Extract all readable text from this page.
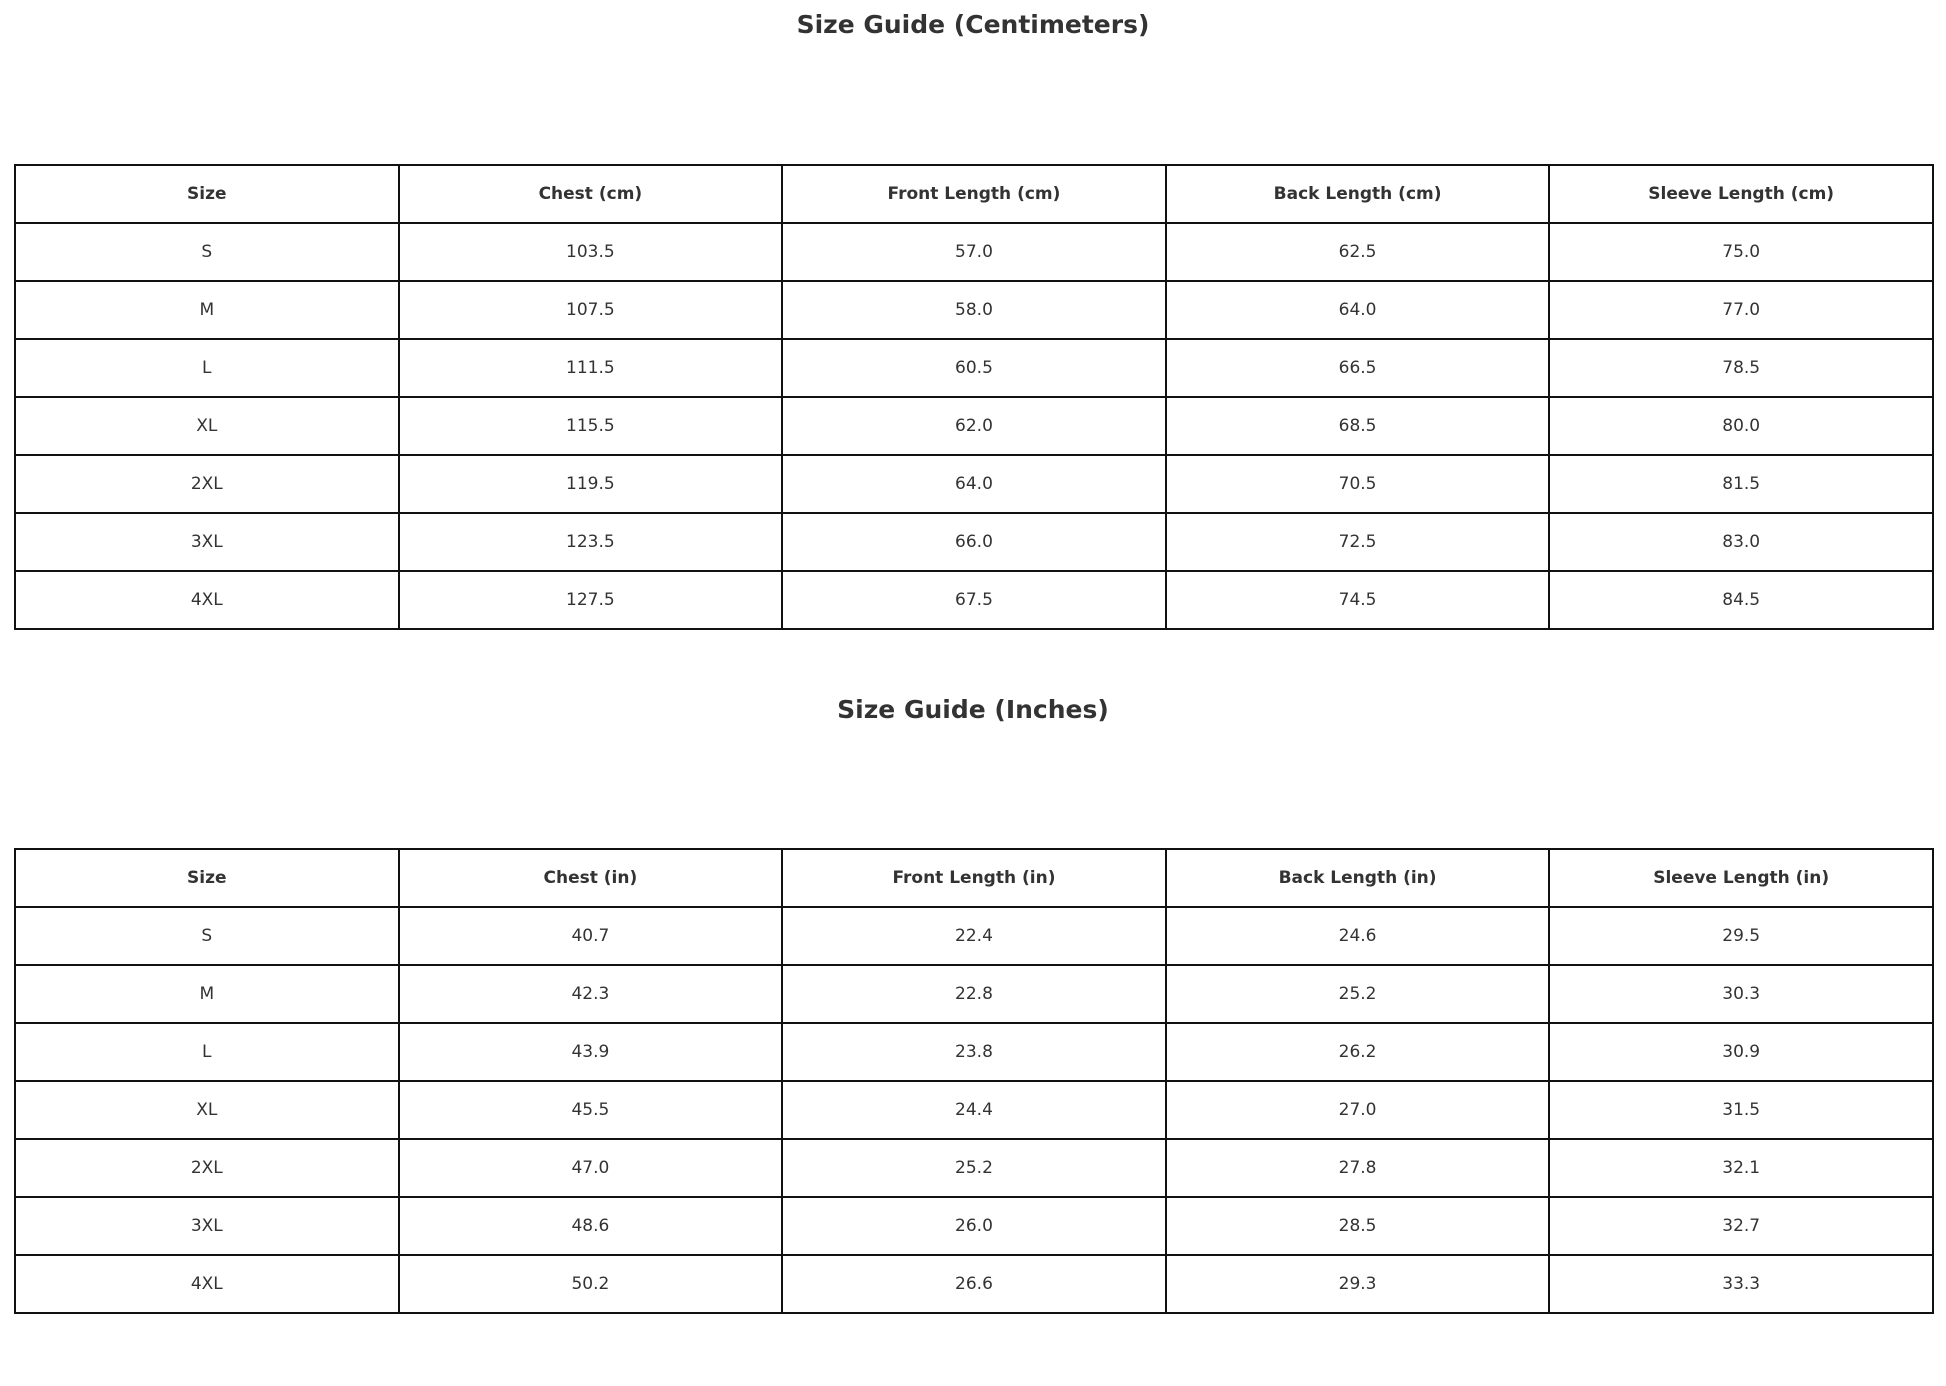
Size Guide (Centimeters)
Size	Chest (cm)	Front Length (cm)	Back Length (cm)	Sleeve Length (cm)
S	103.5	57.0	62.5	75.0
M	107.5	58.0	64.0	77.0
L	111.5	60.5	66.5	78.5
XL	115.5	62.0	68.5	80.0
2XL	119.5	64.0	70.5	81.5
3XL	123.5	66.0	72.5	83.0
4XL	127.5	67.5	74.5	84.5
Size Guide (Inches)
Size	Chest (in)	Front Length (in)	Back Length (in)	Sleeve Length (in)
S	40.7	22.4	24.6	29.5
M	42.3	22.8	25.2	30.3
L	43.9	23.8	26.2	30.9
XL	45.5	24.4	27.0	31.5
2XL	47.0	25.2	27.8	32.1
3XL	48.6	26.0	28.5	32.7
4XL	50.2	26.6	29.3	33.3
